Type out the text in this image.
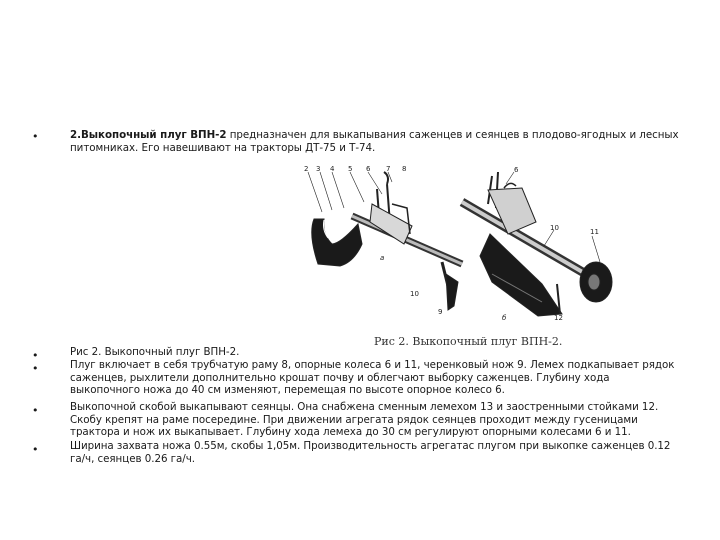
•	2.Выкопочный плуг ВПН-2 предназначен для выкапывания саженцев и сеянцев в плодово-ягодных и лесных питомниках. Его навешивают на тракторы ДТ-75 и Т-74.
2 3 4 5 6 7 8
a
10
9
6
10	11
12
б
Рис 2. Выкопочный плуг ВПН-2.
•	Рис 2. Выкопочный плуг ВПН-2.
•	Плуг включает в себя трубчатую раму 8, опорные колеса 6 и 11, черенковый нож 9. Лемех подкапывает рядок саженцев, рыхлители дополнительно крошат почву и облегчают выборку саженцев. Глубину хода выкопочного ножа до 40 см изменяют, перемещая по высоте опорное колесо 6.
•	Выкопочной скобой выкапывают сеянцы. Она снабжена сменным лемехом 13 и заостренными стойками 12. Скобу крепят на раме посередине. При движении агрегата рядок сеянцев проходит между гусеницами трактора и нож их выкапывает. Глубину хода лемеха до 30 см регулируют опорными колесами 6 и 11.
•	Ширина захвата ножа 0.55м, скобы 1,05м. Производительность агрегатас плугом при выкопке саженцев 0.12 га/ч, сеянцев 0.26 га/ч.
